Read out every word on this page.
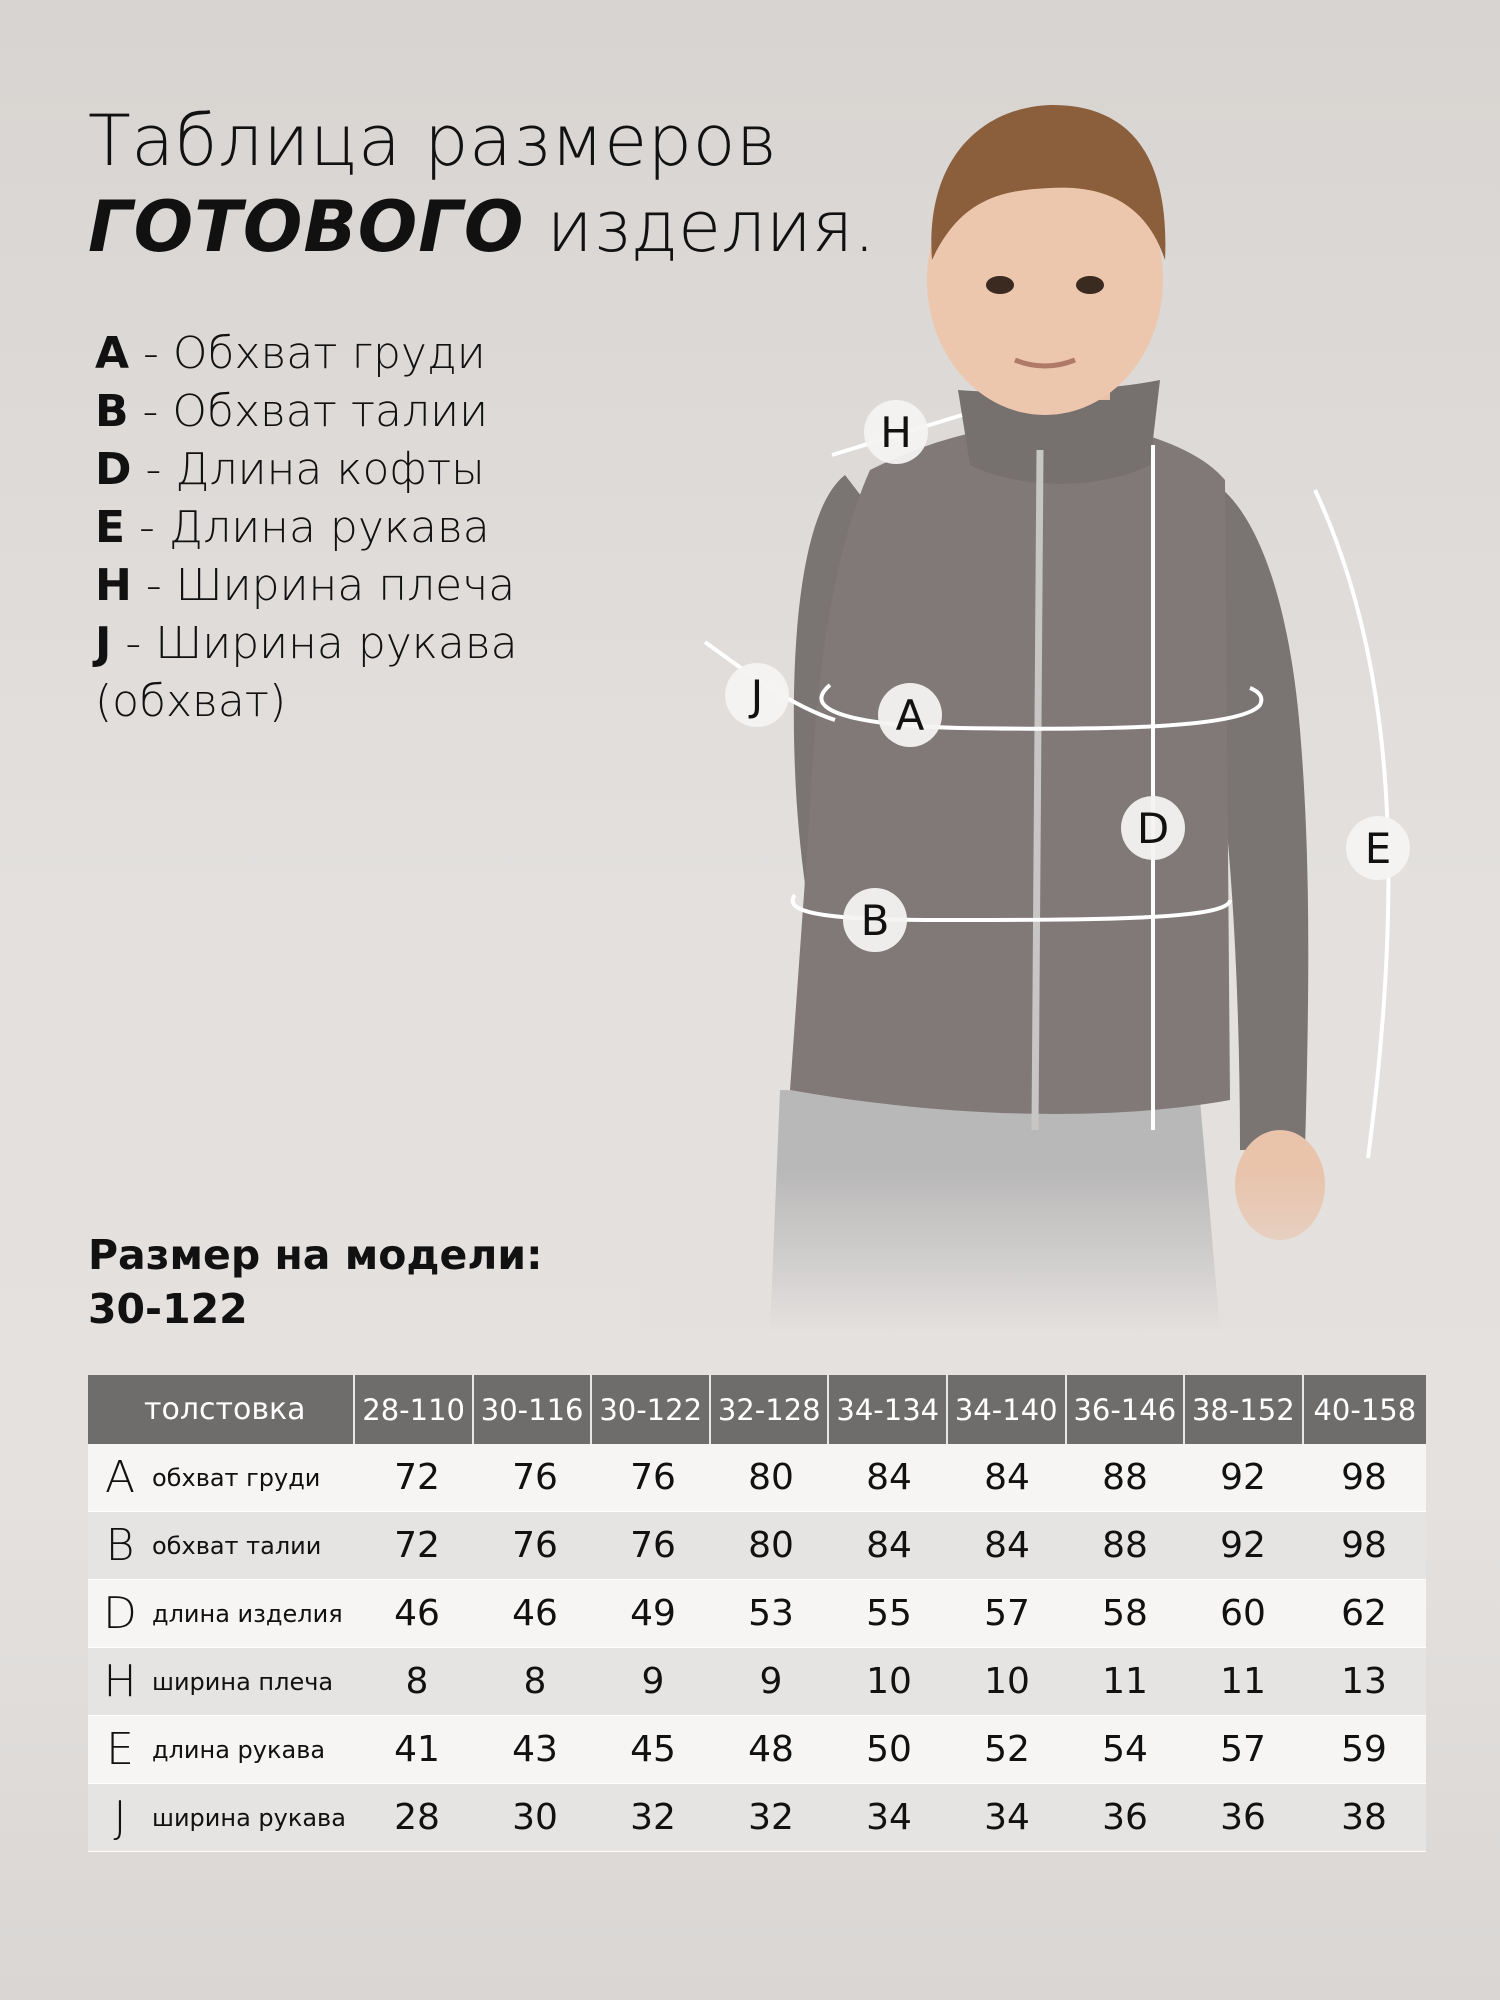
Таблица размеров
ГОТОВОГО изделия.
A - Обхват груди
B - Обхват талии
D - Длина кофты
E - Длина рукава
H - Ширина плеча
J - Ширина рукава
(обхват)
H
J	A
D	E
B
Размер на модели:
30-122
толстовка	28-110 30-116 30-122 32-128 34-134 34-140 36-146 38-152 40-158
A обхват груди	72	76	76	80	84	84	88	92	98
B обхват талии	72	76	76	80	84	84	88	92	98
D длина изделия	46	46	49	53	55	57	58	60	62
H ширина плеча	8	8	9	9	10	10	11	11	13
E длина рукава	41	43	45	48	50	52	54	57	59
J	ширина рукава	28	30	32	32	34	34	36	36	38
